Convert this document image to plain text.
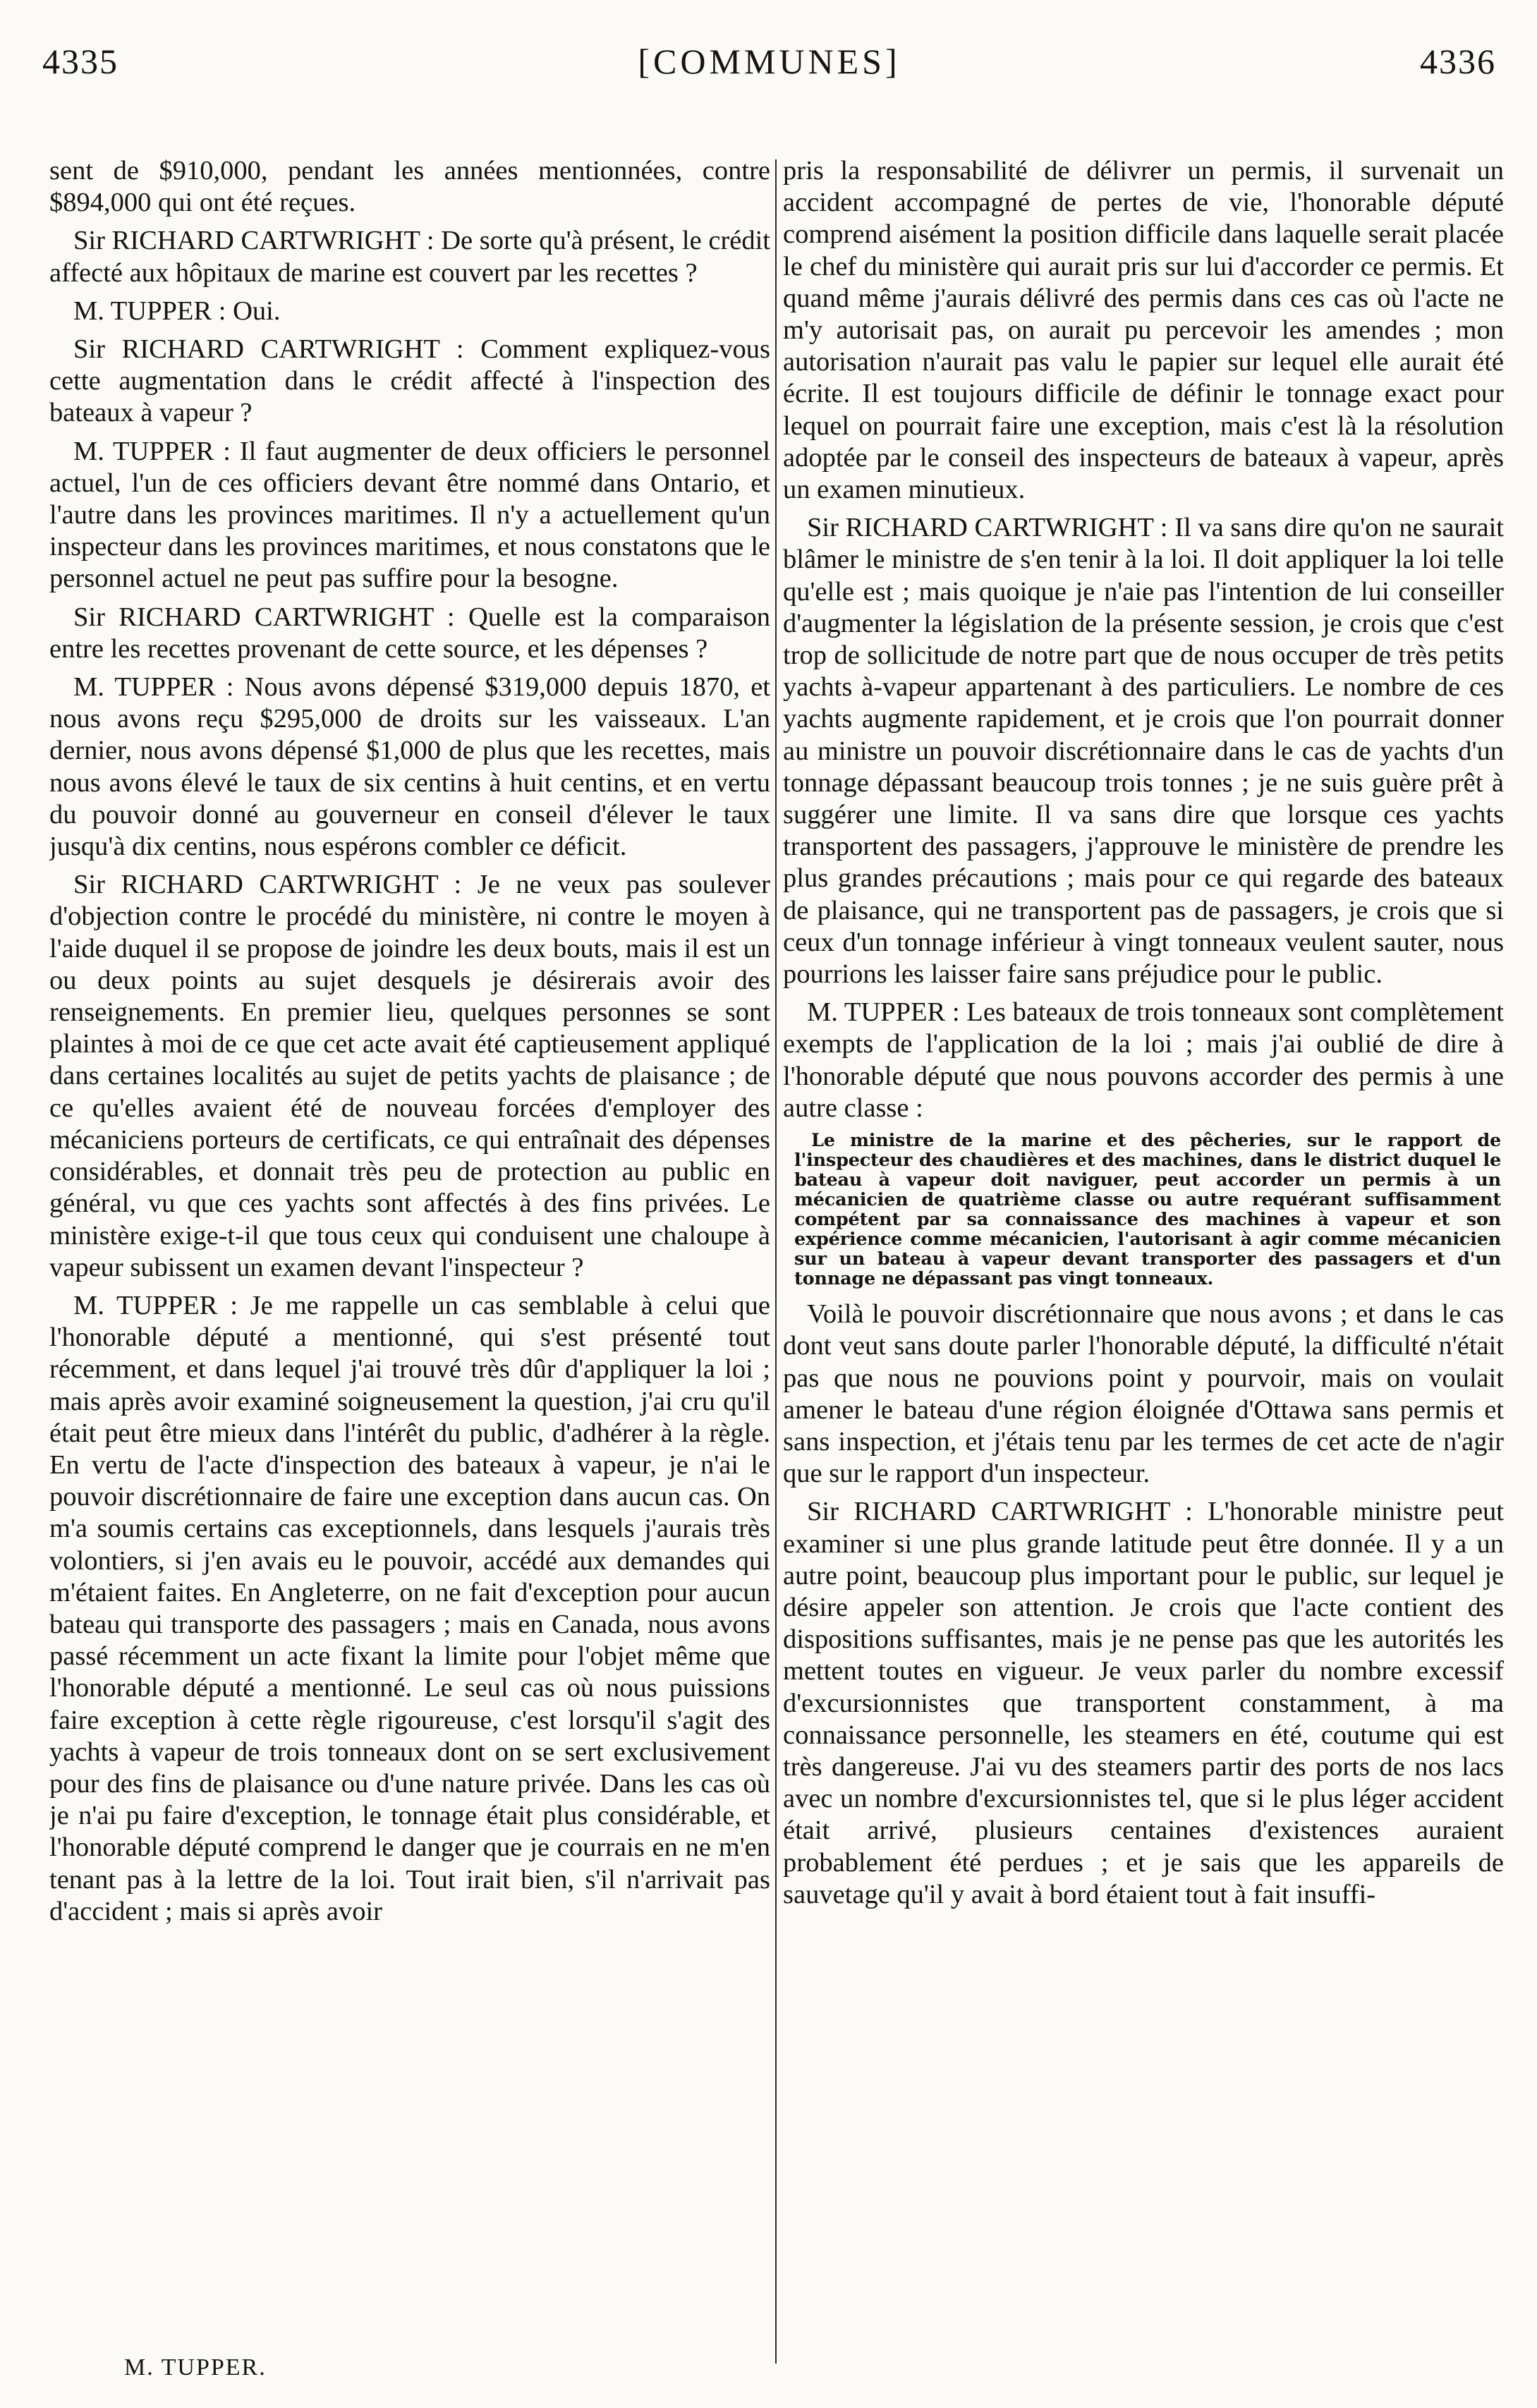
4335	[COMMUNES]	4336

sent de $910,000, pendant les années mentionnées, contre $894,000 qui ont été reçues.

Sir RICHARD CARTWRIGHT : De sorte qu'à présent, le crédit affecté aux hôpitaux de marine est couvert par les recettes ?

M. TUPPER : Oui.

Sir RICHARD CARTWRIGHT : Comment expliquez-vous cette augmentation dans le crédit affecté à l'inspection des bateaux à vapeur ?

M. TUPPER : Il faut augmenter de deux officiers le personnel actuel, l'un de ces officiers devant être nommé dans Ontario, et l'autre dans les provinces maritimes. Il n'y a actuellement qu'un inspecteur dans les provinces maritimes, et nous constatons que le personnel actuel ne peut pas suffire pour la besogne.

Sir RICHARD CARTWRIGHT : Quelle est la comparaison entre les recettes provenant de cette source, et les dépenses ?

M. TUPPER : Nous avons dépensé $319,000 depuis 1870, et nous avons reçu $295,000 de droits sur les vaisseaux. L'an dernier, nous avons dépensé $1,000 de plus que les recettes, mais nous avons élevé le taux de six centins à huit centins, et en vertu du pouvoir donné au gouverneur en conseil d'élever le taux jusqu'à dix centins, nous espérons combler ce déficit.

Sir RICHARD CARTWRIGHT : Je ne veux pas soulever d'objection contre le procédé du ministère, ni contre le moyen à l'aide duquel il se propose de joindre les deux bouts, mais il est un ou deux points au sujet desquels je désirerais avoir des renseignements. En premier lieu, quelques personnes se sont plaintes à moi de ce que cet acte avait été captieusement appliqué dans certaines localités au sujet de petits yachts de plaisance ; de ce qu'elles avaient été de nouveau forcées d'employer des mécaniciens porteurs de certificats, ce qui entraînait des dépenses considérables, et donnait très peu de protection au public en général, vu que ces yachts sont affectés à des fins privées. Le ministère exige-t-il que tous ceux qui conduisent une chaloupe à vapeur subissent un examen devant l'inspecteur ?

M. TUPPER : Je me rappelle un cas semblable à celui que l'honorable député a mentionné, qui s'est présenté tout récemment, et dans lequel j'ai trouvé très dûr d'appliquer la loi ; mais après avoir examiné soigneusement la question, j'ai cru qu'il était peut être mieux dans l'intérêt du public, d'adhérer à la règle. En vertu de l'acte d'inspection des bateaux à vapeur, je n'ai le pouvoir discrétionnaire de faire une exception dans aucun cas. On m'a soumis certains cas exceptionnels, dans lesquels j'aurais très volontiers, si j'en avais eu le pouvoir, accédé aux demandes qui m'étaient faites. En Angleterre, on ne fait d'exception pour aucun bateau qui transporte des passagers ; mais en Canada, nous avons passé récemment un acte fixant la limite pour l'objet même que l'honorable député a mentionné. Le seul cas où nous puissions faire exception à cette règle rigoureuse, c'est lorsqu'il s'agit des yachts à vapeur de trois tonneaux dont on se sert exclusivement pour des fins de plaisance ou d'une nature privée. Dans les cas où je n'ai pu faire d'exception, le tonnage était plus considérable, et l'honorable député comprend le danger que je courrais en ne m'en tenant pas à la lettre de la loi. Tout irait bien, s'il n'arrivait pas d'accident ; mais si après avoir

pris la responsabilité de délivrer un permis, il survenait un accident accompagné de pertes de vie, l'honorable député comprend aisément la position difficile dans laquelle serait placée le chef du ministère qui aurait pris sur lui d'accorder ce permis. Et quand même j'aurais délivré des permis dans ces cas où l'acte ne m'y autorisait pas, on aurait pu percevoir les amendes ; mon autorisation n'aurait pas valu le papier sur lequel elle aurait été écrite. Il est toujours difficile de définir le tonnage exact pour lequel on pourrait faire une exception, mais c'est là la résolution adoptée par le conseil des inspecteurs de bateaux à vapeur, après un examen minutieux.

Sir RICHARD CARTWRIGHT : Il va sans dire qu'on ne saurait blâmer le ministre de s'en tenir à la loi. Il doit appliquer la loi telle qu'elle est ; mais quoique je n'aie pas l'intention de lui conseiller d'augmenter la législation de la présente session, je crois que c'est trop de sollicitude de notre part que de nous occuper de très petits yachts à-vapeur appartenant à des particuliers. Le nombre de ces yachts augmente rapidement, et je crois que l'on pourrait donner au ministre un pouvoir discrétionnaire dans le cas de yachts d'un tonnage dépassant beaucoup trois tonnes ; je ne suis guère prêt à suggérer une limite. Il va sans dire que lorsque ces yachts transportent des passagers, j'approuve le ministère de prendre les plus grandes précautions ; mais pour ce qui regarde des bateaux de plaisance, qui ne transportent pas de passagers, je crois que si ceux d'un tonnage inférieur à vingt tonneaux veulent sauter, nous pourrions les laisser faire sans préjudice pour le public.

M. TUPPER : Les bateaux de trois tonneaux sont complètement exempts de l'application de la loi ; mais j'ai oublié de dire à l'honorable député que nous pouvons accorder des permis à une autre classe :

Le ministre de la marine et des pêcheries, sur le rapport de l'inspecteur des chaudières et des machines, dans le district duquel le bateau à vapeur doit naviguer, peut accorder un permis à un mécanicien de quatrième classe ou autre requérant suffisamment compétent par sa connaissance des machines à vapeur et son expérience comme mécanicien, l'autorisant à agir comme mécanicien sur un bateau à vapeur devant transporter des passagers et d'un tonnage ne dépassant pas vingt tonneaux.

Voilà le pouvoir discrétionnaire que nous avons ; et dans le cas dont veut sans doute parler l'honorable député, la difficulté n'était pas que nous ne pouvions point y pourvoir, mais on voulait amener le bateau d'une région éloignée d'Ottawa sans permis et sans inspection, et j'étais tenu par les termes de cet acte de n'agir que sur le rapport d'un inspecteur.

Sir RICHARD CARTWRIGHT : L'honorable ministre peut examiner si une plus grande latitude peut être donnée. Il y a un autre point, beaucoup plus important pour le public, sur lequel je désire appeler son attention. Je crois que l'acte contient des dispositions suffisantes, mais je ne pense pas que les autorités les mettent toutes en vigueur. Je veux parler du nombre excessif d'excursionnistes que transportent constamment, à ma connaissance personnelle, les steamers en été, coutume qui est très dangereuse. J'ai vu des steamers partir des ports de nos lacs avec un nombre d'excursionnistes tel, que si le plus léger accident était arrivé, plusieurs centaines d'existences auraient probablement été perdues ; et je sais que les appareils de sauvetage qu'il y avait à bord étaient tout à fait insuffi-

M. TUPPER.
